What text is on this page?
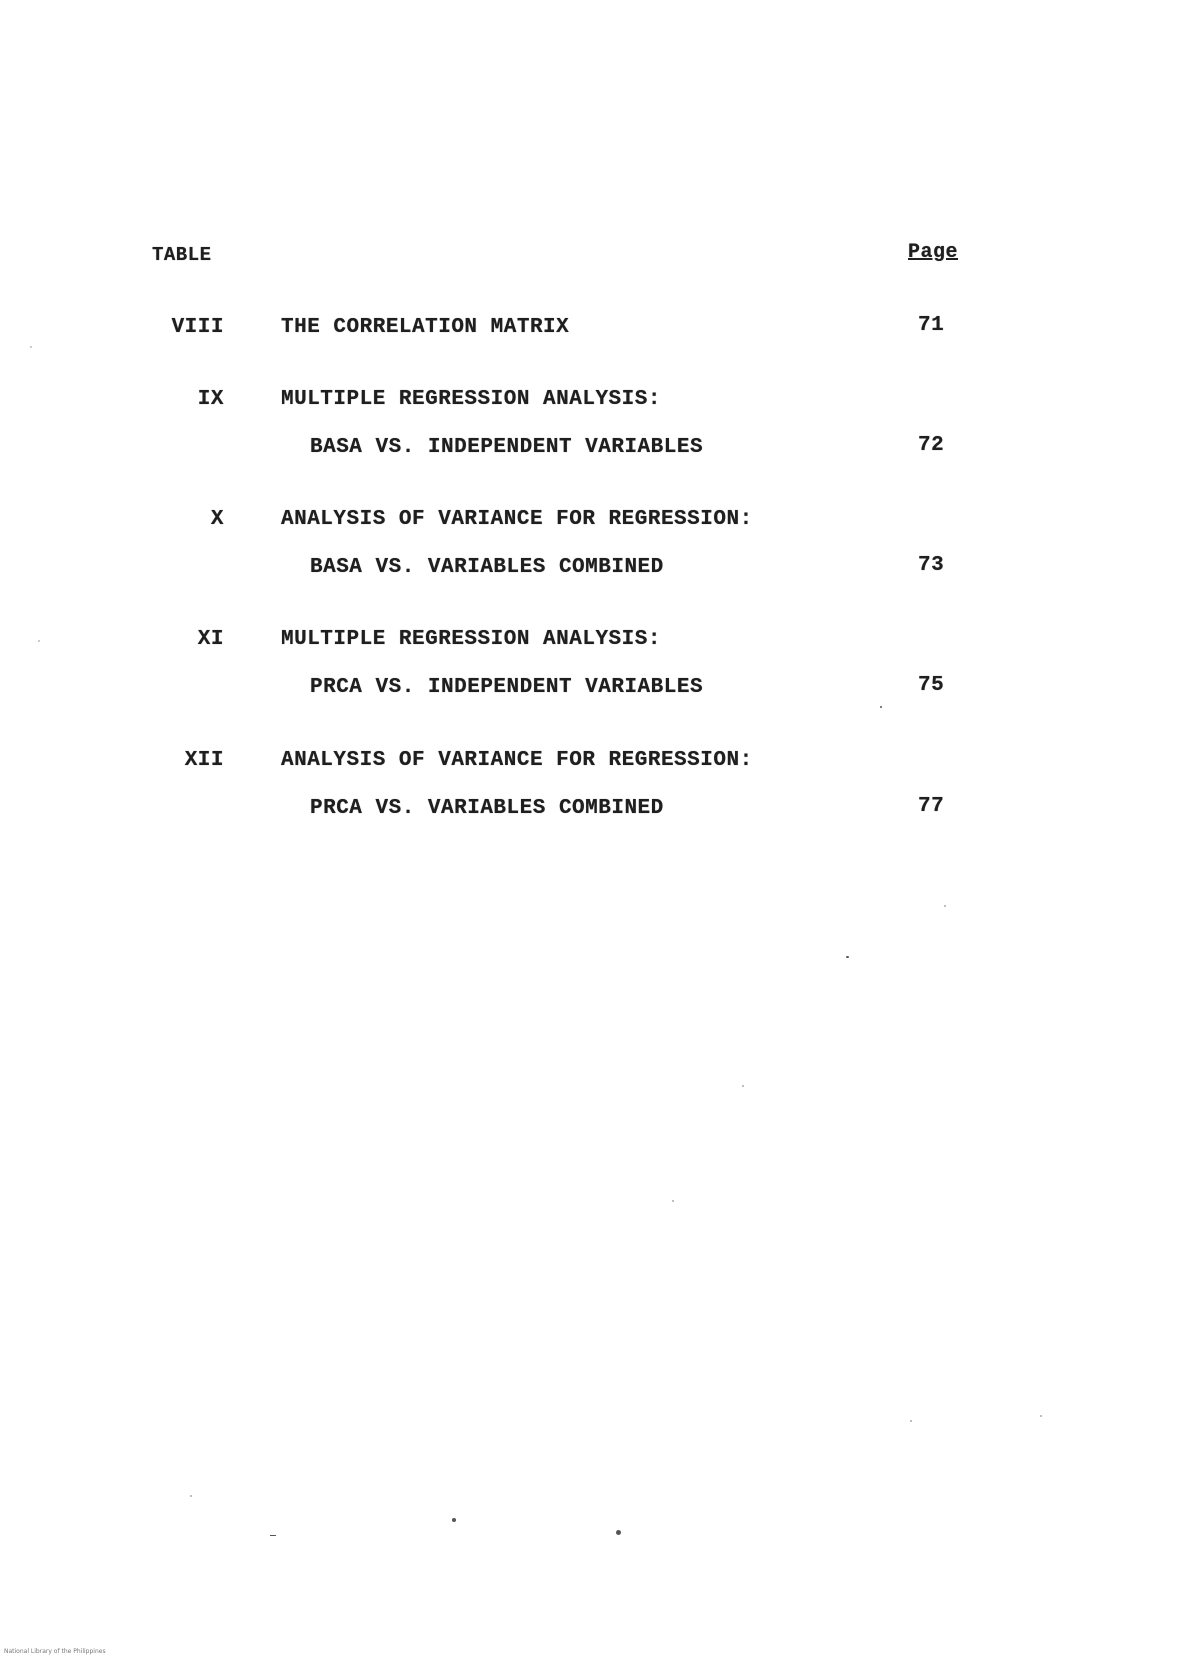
TABLE	Page
VIII	THE CORRELATION MATRIX	71
IX	MULTIPLE REGRESSION ANALYSIS:
BASA VS. INDEPENDENT VARIABLES	72
X	ANALYSIS OF VARIANCE FOR REGRESSION:
BASA VS. VARIABLES COMBINED	73
XI	MULTIPLE REGRESSION ANALYSIS:
PRCA VS. INDEPENDENT VARIABLES	75
XII	ANALYSIS OF VARIANCE FOR REGRESSION:
PRCA VS. VARIABLES COMBINED	77
National Library of the Philippines
